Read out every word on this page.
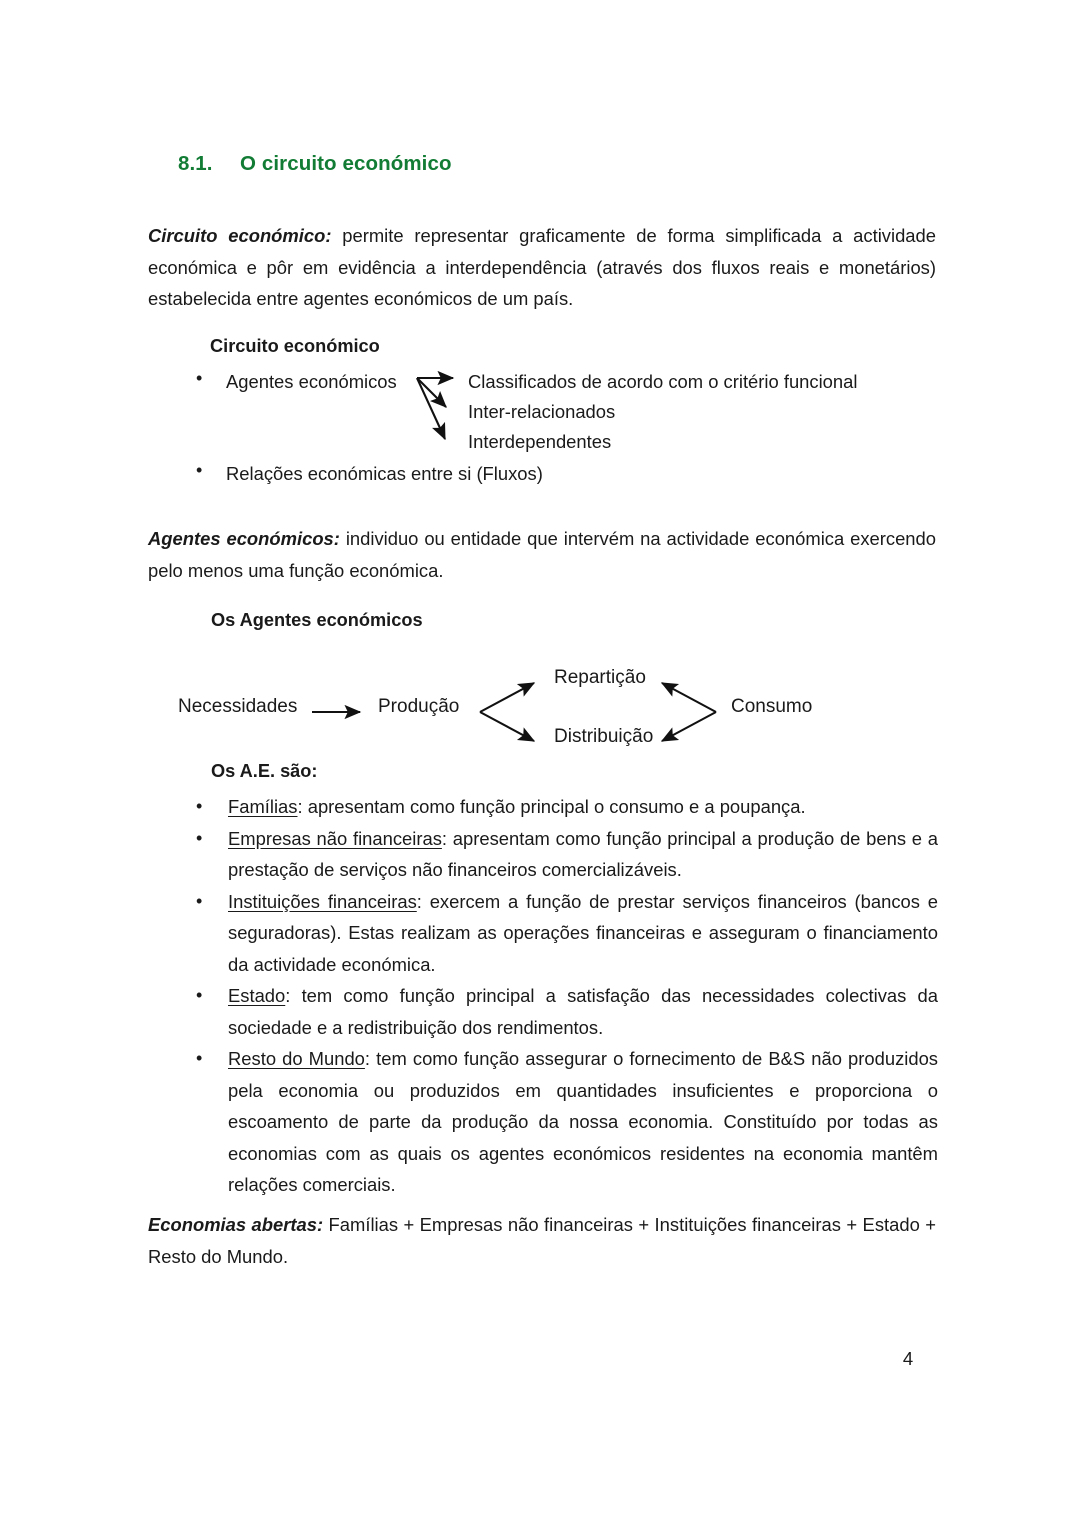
8.1. O circuito económico
Circuito económico: permite representar graficamente de forma simplificada a actividade económica e pôr em evidência a interdependência (através dos fluxos reais e monetários) estabelecida entre agentes económicos de um país.
Circuito económico
• Agentes económicos	Classificados de acordo com o critério funcional
Inter-relacionados
Interdependentes
• Relações económicas entre si (Fluxos)
Agentes económicos: individuo ou entidade que intervém na actividade económica exercendo pelo menos uma função económica.
Os Agentes económicos
Necessidades	Produção
Repartição
Distribuição
Consumo
Os A.E. são:
• Famílias: apresentam como função principal o consumo e a poupança.
• Empresas não financeiras: apresentam como função principal a produção de bens e a prestação de serviços não financeiros comercializáveis.
• Instituições financeiras: exercem a função de prestar serviços financeiros (bancos e seguradoras). Estas realizam as operações financeiras e asseguram o financiamento da actividade económica.
• Estado: tem como função principal a satisfação das necessidades colectivas da sociedade e a redistribuição dos rendimentos.
• Resto do Mundo: tem como função assegurar o fornecimento de B&S não produzidos pela economia ou produzidos em quantidades insuficientes e proporciona o escoamento de parte da produção da nossa economia. Constituído por todas as economias com as quais os agentes económicos residentes na economia mantêm relações comerciais.
Economias abertas: Famílias + Empresas não financeiras + Instituições financeiras + Estado + Resto do Mundo.
4
